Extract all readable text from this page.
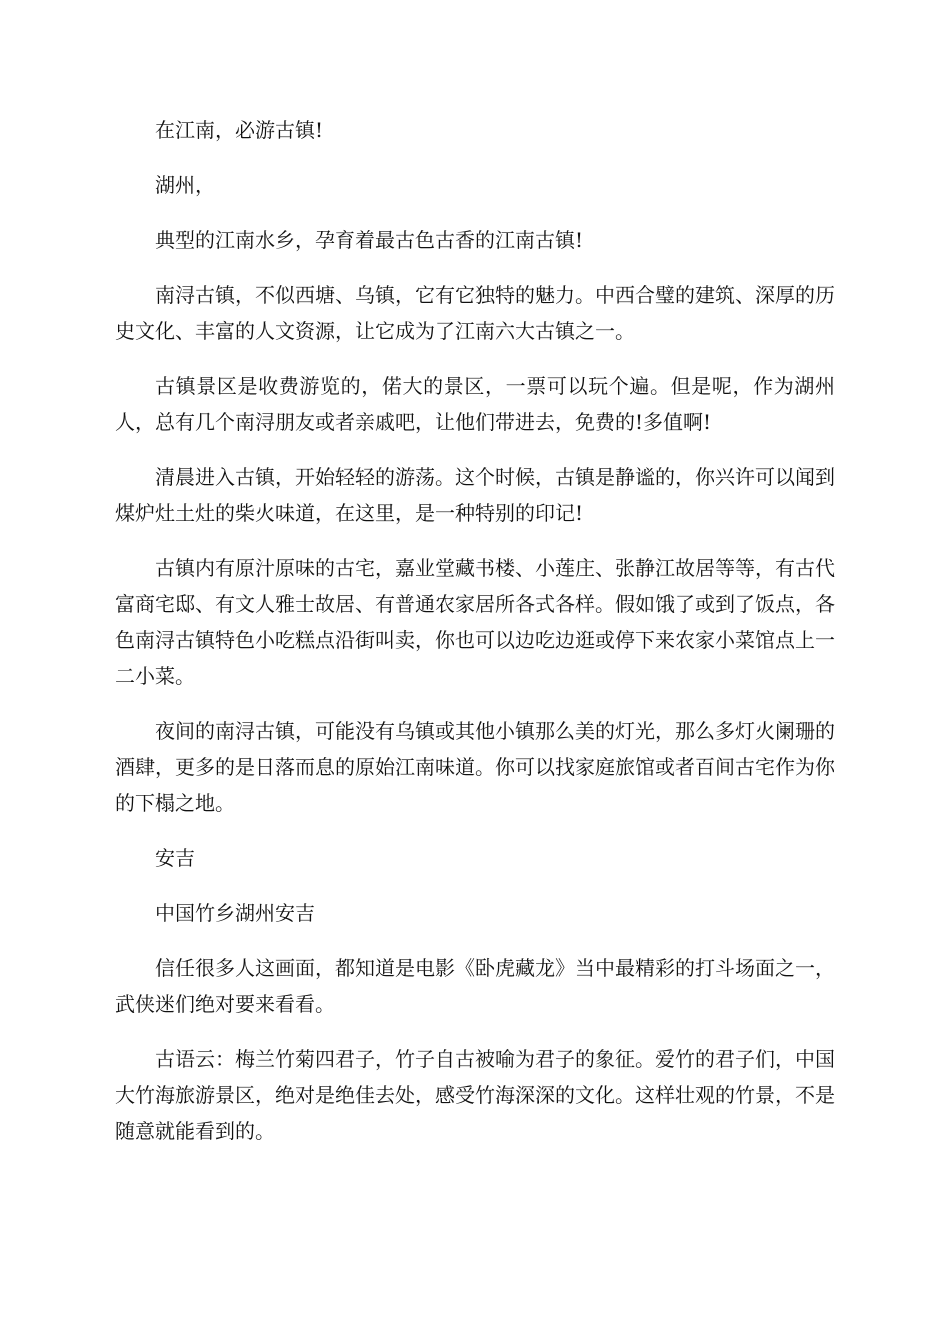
在江南，必游古镇!

湖州，

典型的江南水乡，孕育着最古色古香的江南古镇!

南浔古镇，不似西塘、乌镇，它有它独特的魅力。中西合璧的建筑、深厚的历史文化、丰富的人文资源，让它成为了江南六大古镇之一。

古镇景区是收费游览的，偌大的景区，一票可以玩个遍。但是呢，作为湖州人，总有几个南浔朋友或者亲戚吧，让他们带进去，免费的!多值啊!

清晨进入古镇，开始轻轻的游荡。这个时候，古镇是静谧的，你兴许可以闻到煤炉灶土灶的柴火味道，在这里，是一种特别的印记!

古镇内有原汁原味的古宅，嘉业堂藏书楼、小莲庄、张静江故居等等，有古代富商宅邸、有文人雅士故居、有普通农家居所各式各样。假如饿了或到了饭点，各色南浔古镇特色小吃糕点沿街叫卖，你也可以边吃边逛或停下来农家小菜馆点上一二小菜。

夜间的南浔古镇，可能没有乌镇或其他小镇那么美的灯光，那么多灯火阑珊的酒肆，更多的是日落而息的原始江南味道。你可以找家庭旅馆或者百间古宅作为你的下榻之地。

安吉

中国竹乡湖州安吉

信任很多人这画面，都知道是电影《卧虎藏龙》当中最精彩的打斗场面之一，武侠迷们绝对要来看看。

古语云：梅兰竹菊四君子，竹子自古被喻为君子的象征。爱竹的君子们，中国大竹海旅游景区，绝对是绝佳去处，感受竹海深深的文化。这样壮观的竹景，不是随意就能看到的。
